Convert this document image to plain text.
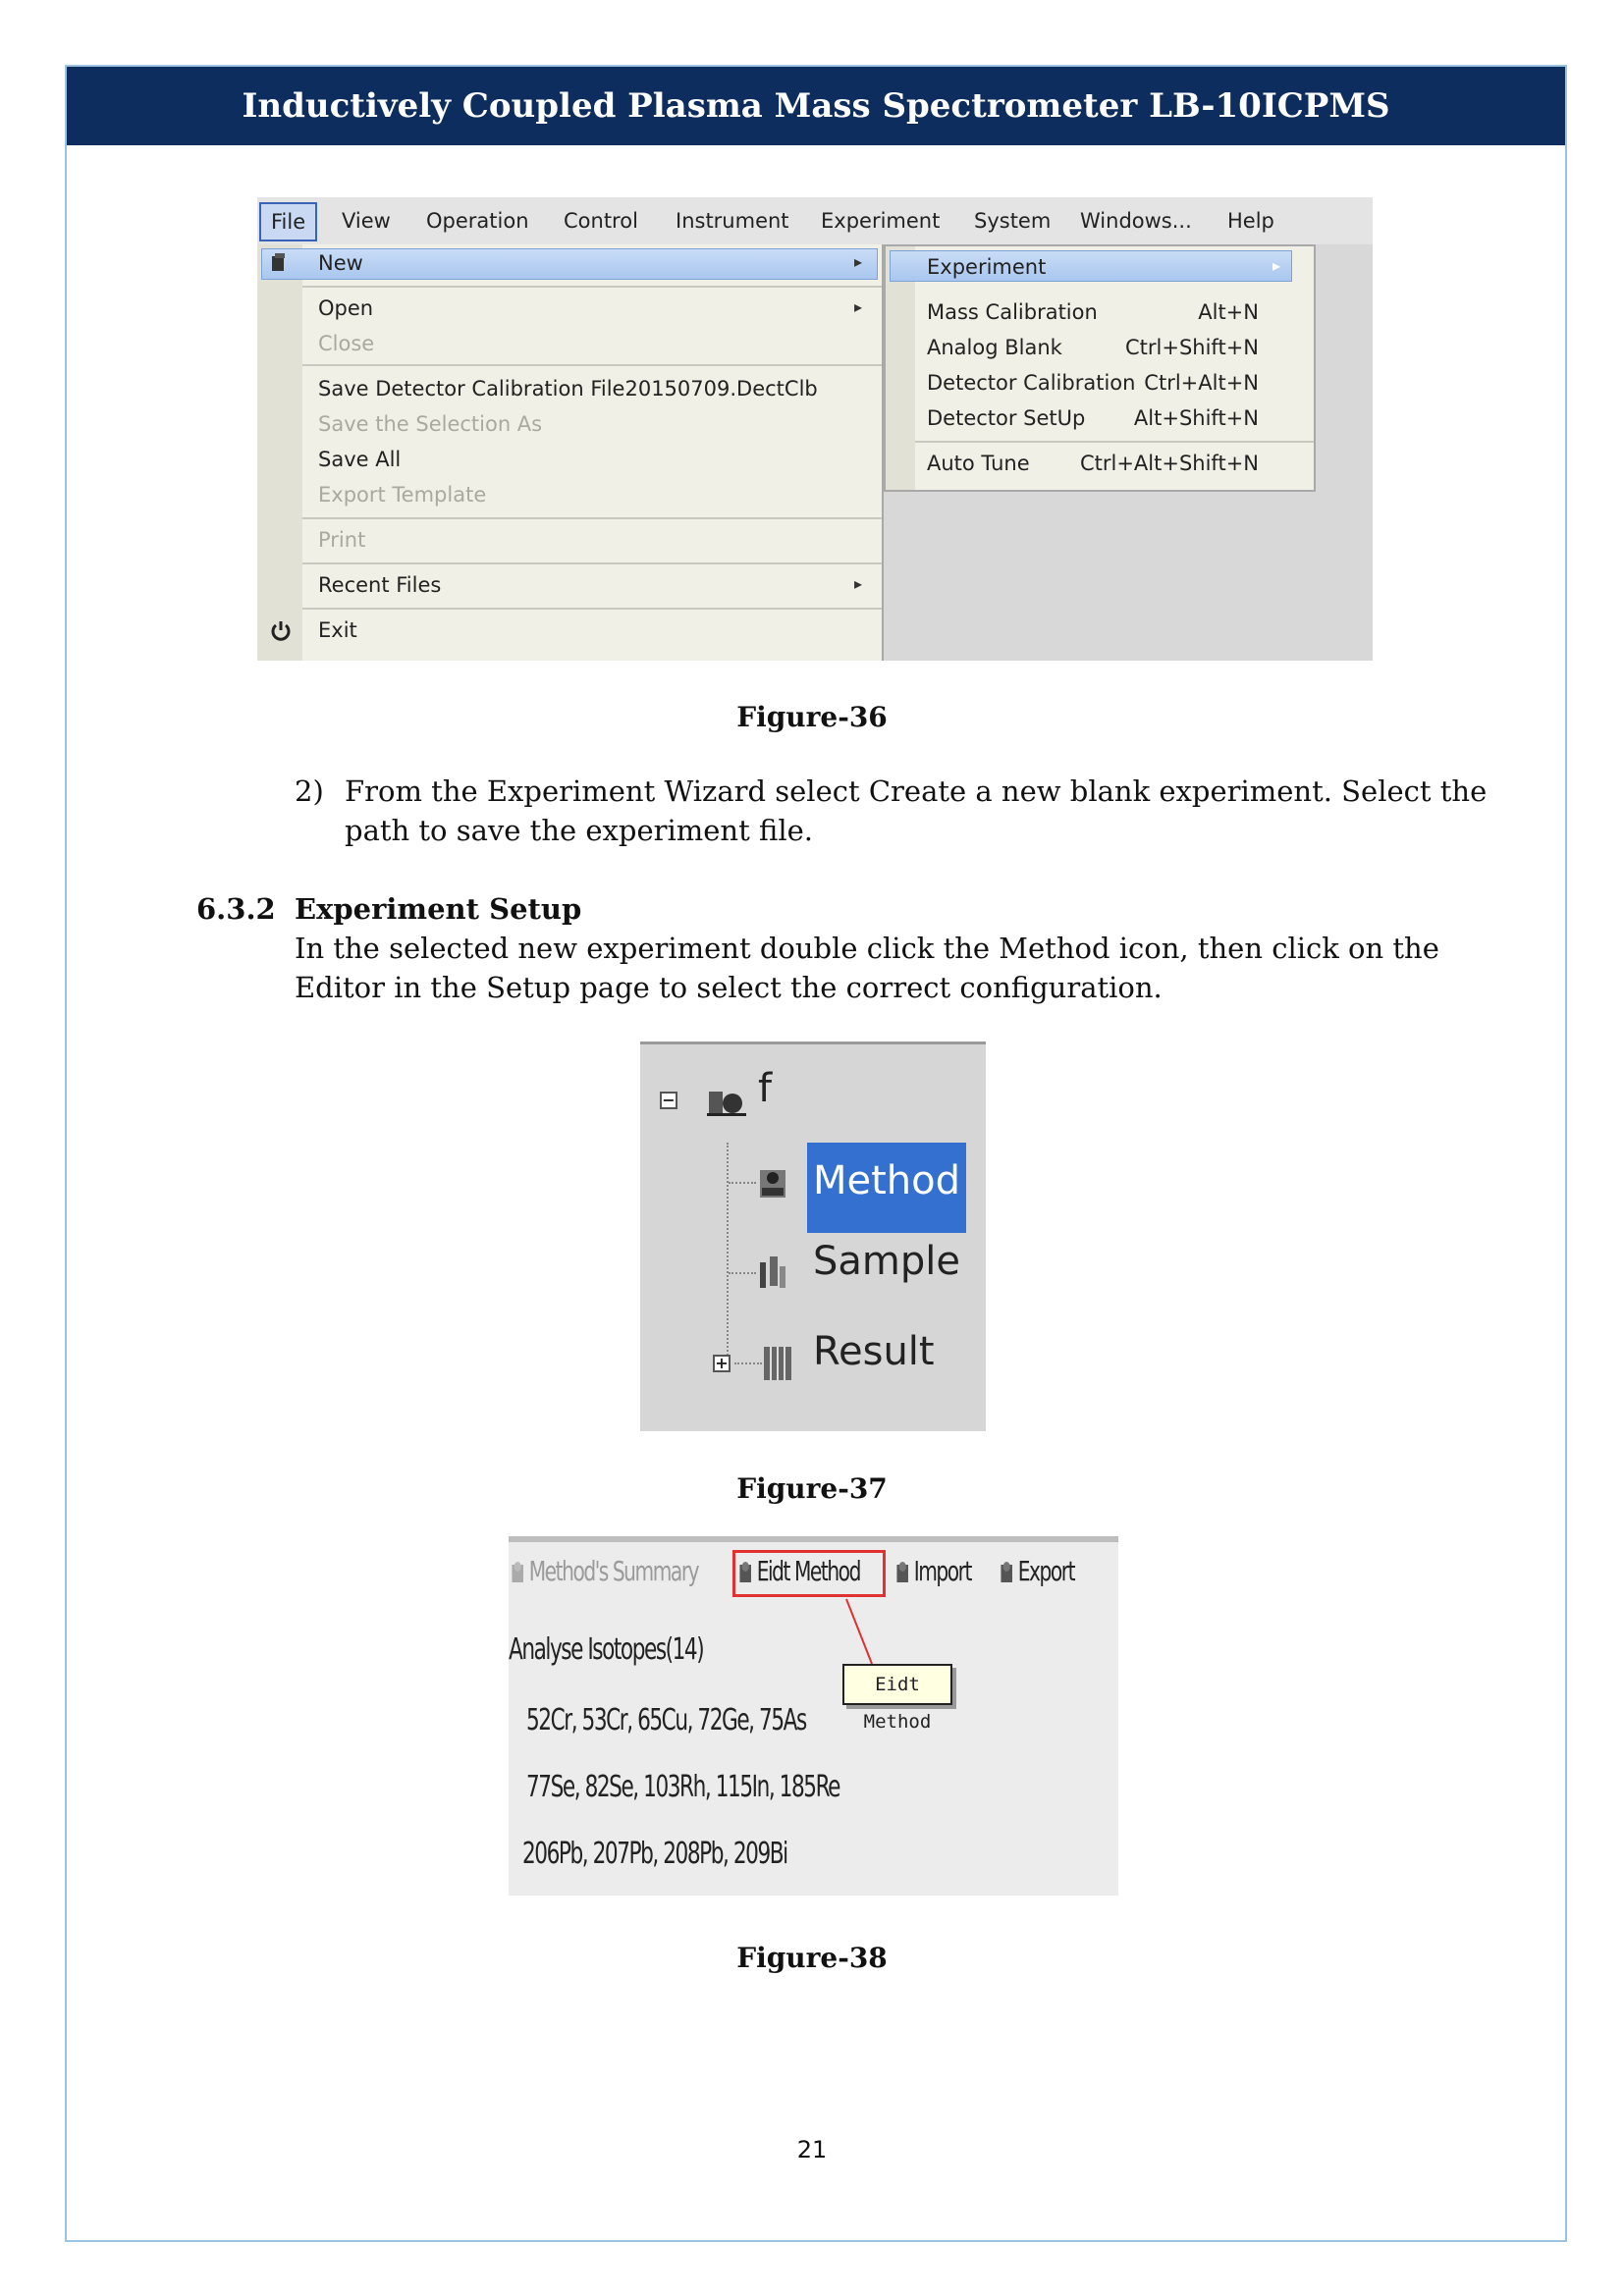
Inductively Coupled Plasma Mass Spectrometer LB-10ICPMS
File	View Operation Control Instrument Experiment System Windows... Help
New	▸
Open	▸
Close
Save Detector Calibration File20150709.DectClb
Save the Selection As
Save All
Export Template
Print
Recent Files	▸
Exit
Experiment	▸
Mass Calibration	Alt+N
Analog Blank	Ctrl+Shift+N
Detector Calibration Ctrl+Alt+N
Detector SetUp Alt+Shift+N
Auto Tune Ctrl+Alt+Shift+N
Figure-36
2) From the Experiment Wizard select Create a new blank experiment. Select the
path to save the experiment file.
6.3.2 Experiment Setup
In the selected new experiment double click the Method icon, then click on the
Editor in the Setup page to select the correct configuration.
− f
Method
Sample
+ Result
Figure-37
Method's Summary	Eidt Method	Import	Export
Eidt Method
Analyse Isotopes(14)
52Cr, 53Cr, 65Cu, 72Ge, 75As
77Se, 82Se, 103Rh, 115In, 185Re
206Pb, 207Pb, 208Pb, 209Bi
Figure-38
21
